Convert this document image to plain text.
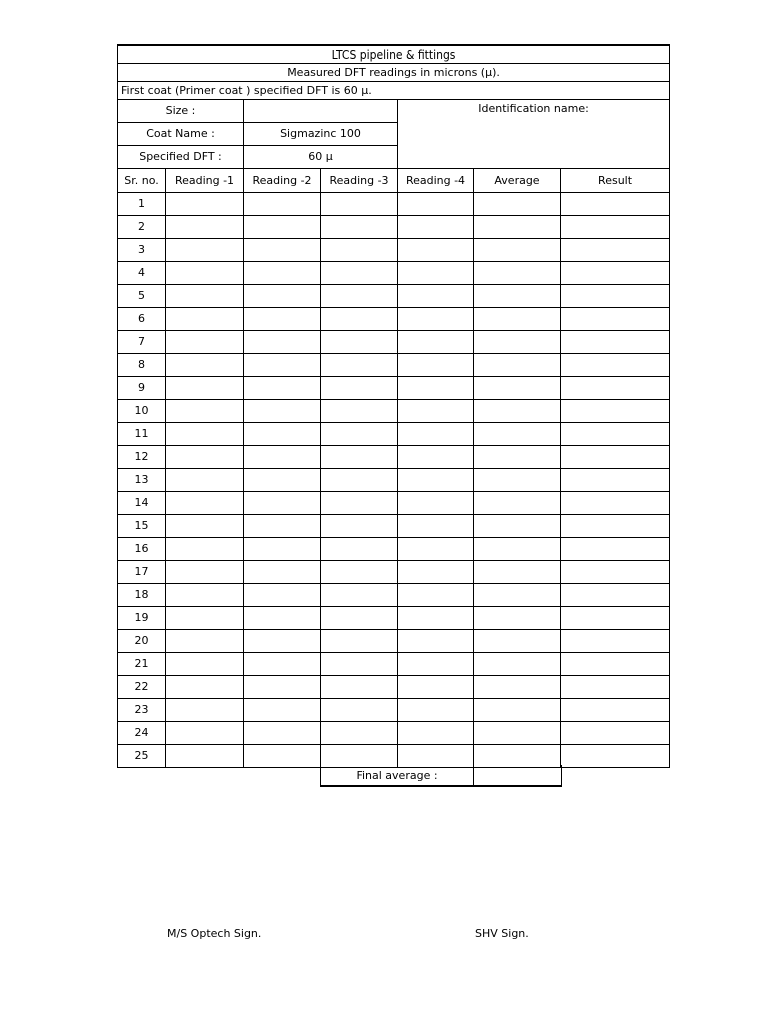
LTCS pipeline & fittings						
Measured DFT readings in microns (µ).						
First coat (Primer coat ) specified DFT is 60 µ.						
Size :				Identification name:		
Coat Name :		Sigmazinc 100				
Specified DFT :		60 µ				
Sr. no.	Reading -1	Reading -2	Reading -3	Reading -4	Average	Result
1						
2						
3						
4						
5						
6						
7						
8						
9						
10						
11						
12						
13						
14						
15						
16						
17						
18						
19						
20						
21						
22						
23						
24						
25						
Final average :	
M/S Optech Sign.	SHV Sign.
